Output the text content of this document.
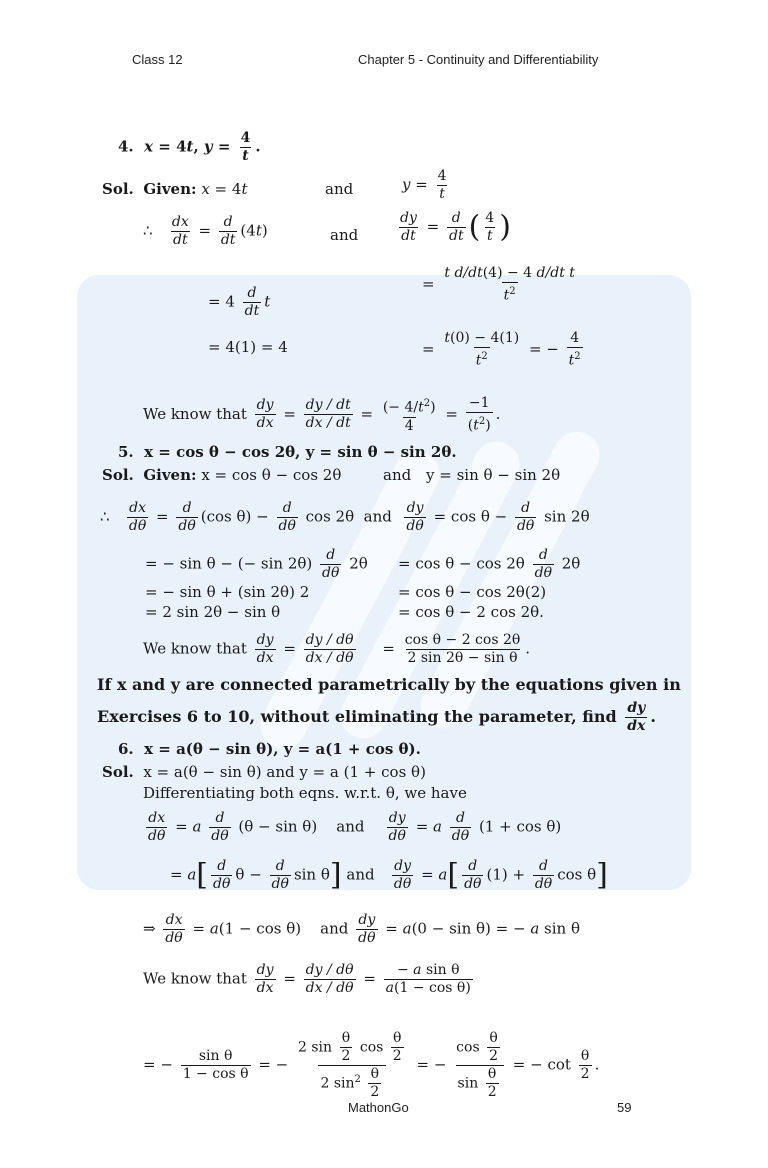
Class 12	Chapter 5 - Continuity and Differentiability
4. x = 4t, $y = \frac{4}{t}$ .
Sol. Given: x = 4t	and	$y = \frac{4}{t}$
∴ $\frac{dx}{dt} = \frac{d}{dt} (4t)$	and	$\frac{dy}{dt} = \frac{d}{dt}$ ( $\frac{4}{t}$ )
= $4 \frac{d}{dt}$ t
= $\frac{\text{t d/dt(4) − 4 d/dt t}}{t^2}$
= 4(1) = 4	= $\frac{t(0) - 4(1)}{t^2}$ = − $\frac{4}{t^2}$
We know that $\frac{dy}{dx} = \frac{dy / dt}{dx / dt} = \frac{(- 4/t^2)}{4} = \frac{-1}{(t^2)}$ .
5. x = cos θ − cos 2θ, y = sin θ − sin 2θ.
Sol. Given: x = cos θ − cos 2θ	and y = sin θ − sin 2θ
∴ $\frac{dx}{d\theta} = \frac{d}{d\theta} (\cos$ $\theta) - \frac{d}{d\theta}$ cos 2θ  and $\frac{dy}{d\theta} = \cos \theta - \frac{d}{d\theta}$ sin 2θ
= − sin θ − (− $\sin 2\theta) \frac{d}{d\theta} 2\theta = \cos \theta - \cos 2\theta \frac{d}{d\theta} 2\theta$
= − sin θ + (sin 2θ) 2	= cos θ − cos 2θ(2)
= 2 sin 2θ − sin θ	= cos θ − 2 cos 2θ.
We know that $\frac{dy}{dx} = \frac{dy / d\theta}{dx / d\theta} = \frac{\text{cos θ − 2 cos 2θ}}{\text{2 sin 2θ − sin θ}}$ .
If x and y are connected parametrically by the equations given in
Exercises 6 to 10, without eliminating the parameter, find $\frac{dy}{dx}$ .
6. x = a(θ − sin θ), y = a(1 + cos θ).
Sol. x = a(θ − sin θ) and y = a (1 + cos θ)
Differentiating both eqns. w.r.t. θ, we have
$\frac{dx}{d\theta} = a \frac{d}{d\theta} (\theta - \sin \theta)$    and $\frac{dy}{d\theta} = a \frac{d}{d\theta} (1 + \cos \theta)$
= $a[ \frac{d}{d\theta}$ $\theta - \frac{d}{d\theta}$ sin θ] and $\frac{dy}{d\theta} = a[ \frac{d}{d\theta} (1) + \frac{d}{d\theta}$ cos θ]
⇒ $\frac{dx}{d\theta} = a(1 - \cos \theta)$    and $\frac{dy}{d\theta} = a(0 - \sin \theta)$ = − a sin θ
We know that $\frac{dy}{dx} = \frac{dy / d\theta}{dx / d\theta} = \frac{\text{− a sin θ}}{\text{a(1 − cos θ)}}$
= − $\frac{\text{sin θ}}{\text{1 − cos θ}}$ = − $\frac{2 \sin \frac{\theta}{2} \cos \frac{\theta}{2}}{2 \sin^2 \frac{\theta}{2}}$ = − $\frac{\cos \frac{\theta}{2}}{\sin \frac{\theta}{2}}$ = − $\cot \frac{\theta}{2}$ .
MathonGo	59
